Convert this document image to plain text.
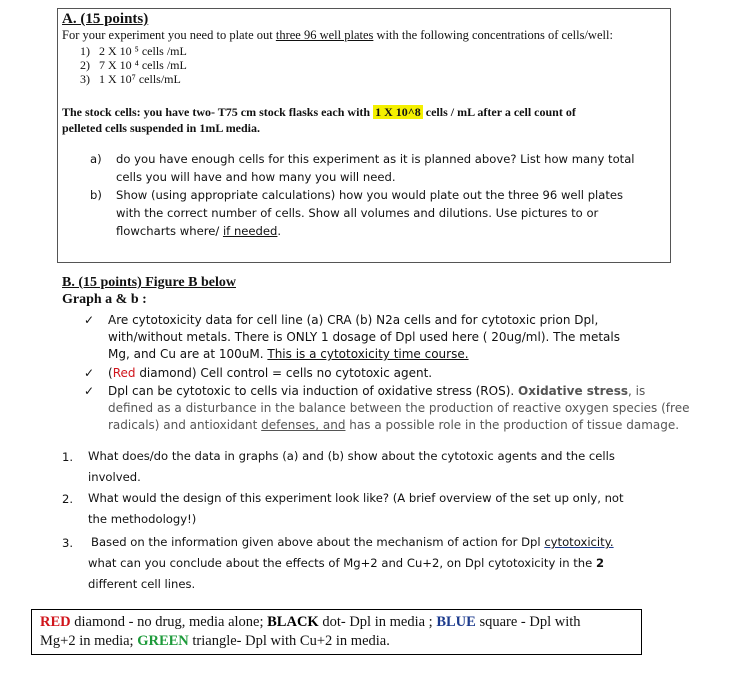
A. (15 points)
For your experiment you need to plate out three 96 well plates with the following concentrations of cells/well:
1) 2 X 10 ⁵ cells /mL
2) 7 X 10 ⁴ cells /mL
3) 1 X 10⁷ cells/mL
The stock cells: you have two- T75 cm stock flasks each with 1 X 10^8 cells / mL after a cell count of
pelleted cells suspended in 1mL media.
a) do you have enough cells for this experiment as it is planned above? List how many total
cells you will have and how many you will need.
b) Show (using appropriate calculations) how you would plate out the three 96 well plates
with the correct number of cells. Show all volumes and dilutions. Use pictures to or
flowcharts where/ if needed.
B. (15 points) Figure B below
Graph a & b :
✓ Are cytotoxicity data for cell line (a) CRA (b) N2a cells and for cytotoxic prion Dpl,
with/without metals. There is ONLY 1 dosage of Dpl used here ( 20ug/ml). The metals
Mg, and Cu are at 100uM. This is a cytotoxicity time course.
✓ (Red diamond) Cell control = cells no cytotoxic agent.
✓ Dpl can be cytotoxic to cells via induction of oxidative stress (ROS). Oxidative stress, is
defined as a disturbance in the balance between the production of reactive oxygen species (free
radicals) and antioxidant defenses, and has a possible role in the production of tissue damage.
1. What does/do the data in graphs (a) and (b) show about the cytotoxic agents and the cells
involved.
2. What would the design of this experiment look like? (A brief overview of the set up only, not
the methodology!)
3. Based on the information given above about the mechanism of action for Dpl cytotoxicity.
what can you conclude about the effects of Mg+2 and Cu+2, on Dpl cytotoxicity in the 2
different cell lines.
RED diamond - no drug, media alone; BLACK dot- Dpl in media ; BLUE square - Dpl with
Mg+2 in media; GREEN triangle- Dpl with Cu+2 in media.
